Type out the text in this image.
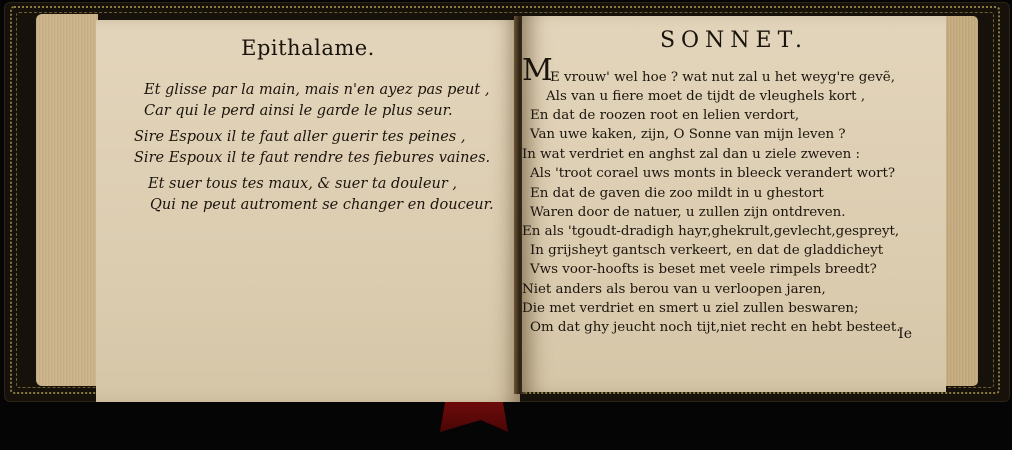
Epithalame.
Et glisse par la main, mais n'en ayez pas peut ,
Car qui le perd ainsi le garde le plus seur.
Sire Espoux il te faut aller guerir tes peines ,
Sire Espoux il te faut rendre tes fiebures vaines.
Et suer tous tes maux, & suer ta douleur ,
Qui ne peut autroment se changer en douceur.
SONNET.
M
E vrouw' wel hoe ? wat nut zal u het weyg're gevẽ,
Als van u fiere moet de tijdt de vleughels kort ,
En dat de roozen root en lelien verdort,
Van uwe kaken, zijn, O Sonne van mijn leven ?
In wat verdriet en anghst zal dan u ziele zweven :
Als 'troot corael uws monts in bleeck verandert wort?
En dat de gaven die zoo mildt in u ghestort
Waren door de natuer, u zullen zijn ontdreven.
En als 'tgoudt-dradigh hayr,ghekrult,gevlecht,gespreyt,
In grijsheyt gantsch verkeert, en dat de gladdicheyt
Vws voor-hoofts is beset met veele rimpels breedt?
Niet anders als berou van u verloopen jaren,
Die met verdriet en smert u ziel zullen beswaren;
Om dat ghy jeucht noch tijt,niet recht en hebt besteet.
Ie
